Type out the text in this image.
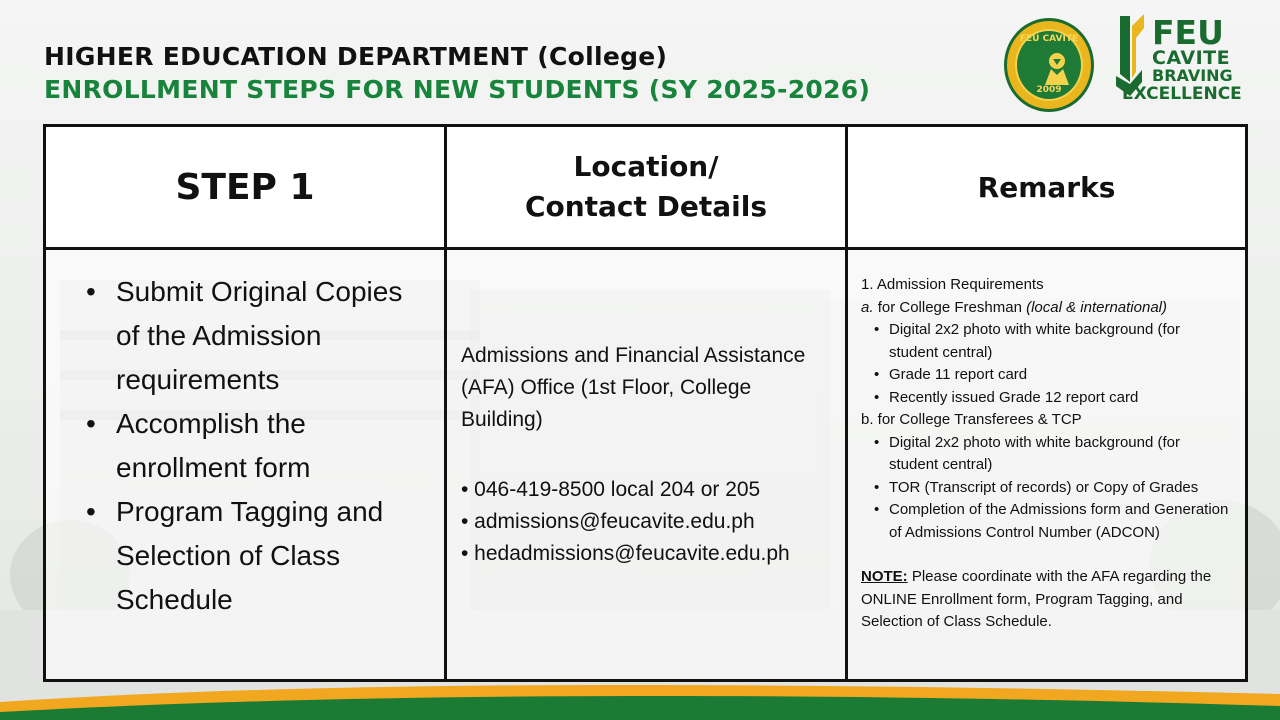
HIGHER EDUCATION DEPARTMENT (College)
ENROLLMENT STEPS FOR NEW STUDENTS (SY 2025-2026)
FEU CAVITE
2009
FEU
CAVITE
BRAVING
EXCELLENCE
STEP 1	Location/
Contact Details
Remarks
• Submit Original Copies of the Admission requirements
• Accomplish the enrollment form
• Program Tagging and Selection of Class Schedule
Admissions and Financial Assistance (AFA) Office (1st Floor, College Building)
• 046-419-8500 local 204 or 205
• admissions@feucavite.edu.ph
• hedadmissions@feucavite.edu.ph
1. Admission Requirements
a. for College Freshman (local & international)
• Digital 2x2 photo with white background (for student central)
• Grade 11 report card
• Recently issued Grade 12 report card
b. for College Transferees & TCP
• Digital 2x2 photo with white background (for student central)
• TOR (Transcript of records) or Copy of Grades
• Completion of the Admissions form and Generation of Admissions Control Number (ADCON)
NOTE: Please coordinate with the AFA regarding the ONLINE Enrollment form, Program Tagging, and Selection of Class Schedule.
